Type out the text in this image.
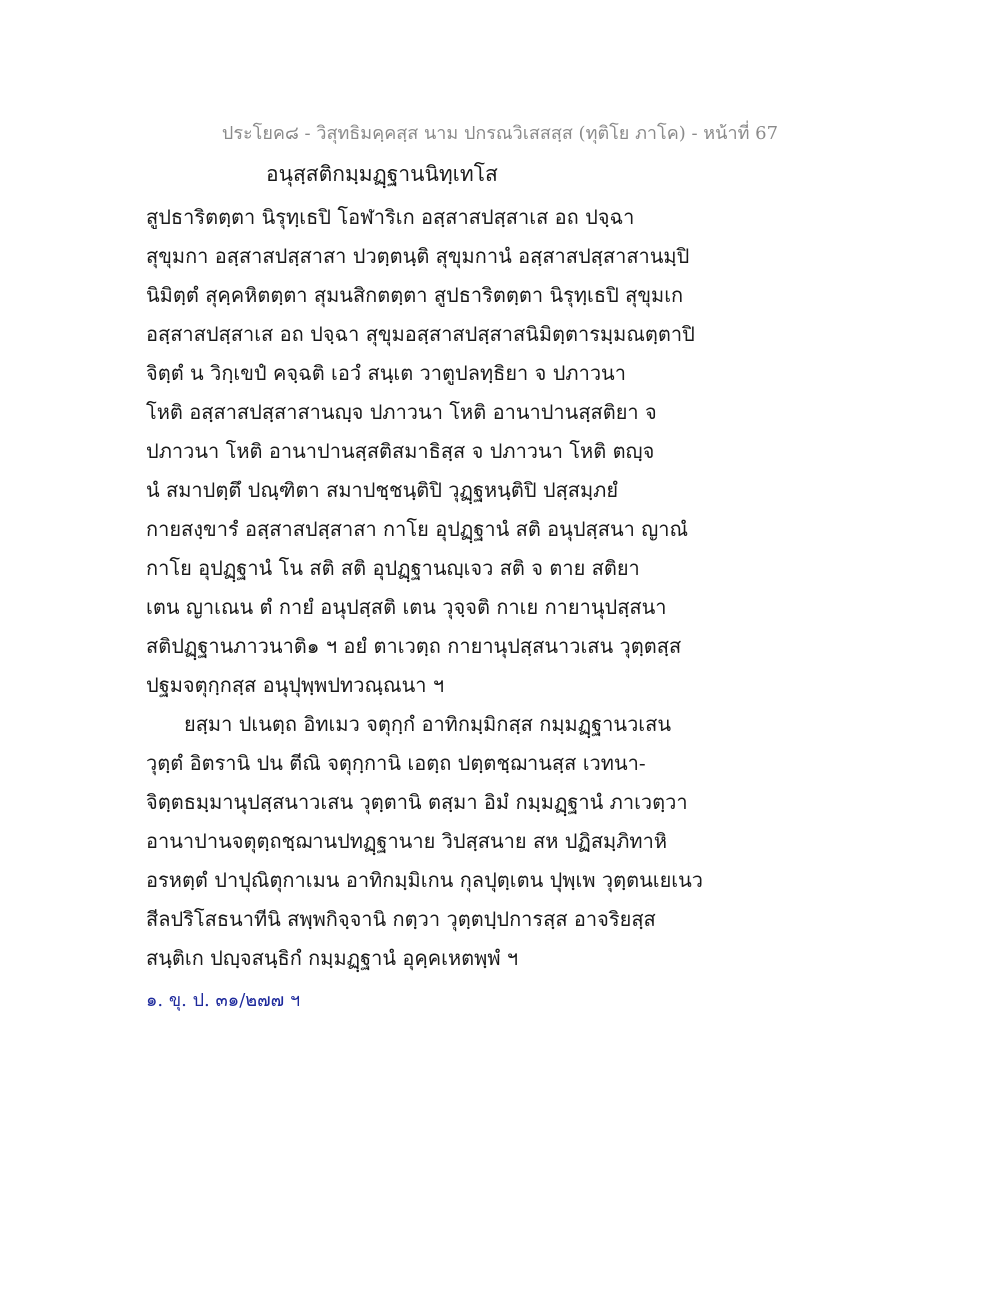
ประโยค๘ - วิสุทธิมคฺคสฺส นาม ปกรณวิเสสสฺส (ทุติโย ภาโค) - หน้าที่ 67
อนุสฺสติกมฺมฏฺฐานนิทฺเทโส
สูปธาริตตฺตา นิรุทฺเธปิ โอฬาริเก อสฺสาสปสฺสาเส อถ ปจฺฉา
สุขุมกา อสฺสาสปสฺสาสา ปวตฺตนฺติ สุขุมกานํ อสฺสาสปสฺสาสานมฺปิ
นิมิตฺตํ สุคฺคหิตตฺตา สุมนสิกตตฺตา สูปธาริตตฺตา นิรุทฺเธปิ สุขุมเก
อสฺสาสปสฺสาเส อถ ปจฺฉา สุขุมอสฺสาสปสฺสาสนิมิตฺตารมฺมณตฺตาปิ
จิตฺตํ น วิกฺเขปํ คจฺฉติ เอวํ สนฺเต วาตูปลทฺธิยา จ ปภาวนา
โหติ อสฺสาสปสฺสาสานญฺจ ปภาวนา โหติ อานาปานสฺสติยา จ
ปภาวนา โหติ อานาปานสฺสติสมาธิสฺส จ ปภาวนา โหติ ตญฺจ
นํ สมาปตฺตึ ปณฺฑิตา สมาปชฺชนฺติปิ วุฏฺฐหนฺติปิ ปสฺสมฺภยํ
กายสงฺขารํ อสฺสาสปสฺสาสา กาโย อุปฏฺฐานํ สติ อนุปสฺสนา ญาณํ
กาโย อุปฏฺฐานํ โน สติ สติ อุปฏฺฐานญฺเจว สติ จ ตาย สติยา
เตน ญาเณน ตํ กายํ อนุปสฺสติ เตน วุจฺจติ กาเย กายานุปสฺสนา
สติปฏฺฐานภาวนาติ๑ ฯ อยํ ตาเวตฺถ กายานุปสฺสนาวเสน วุตฺตสฺส
ปฐมจตุกฺกสฺส อนุปุพฺพปทวณฺณนา ฯ
ยสฺมา ปเนตฺถ อิทเมว จตุกฺกํ อาทิกมฺมิกสฺส กมฺมฏฺฐานวเสน
วุตฺตํ อิตรานิ ปน ตีณิ จตุกฺกานิ เอตฺถ ปตฺตชฺฌานสฺส เวทนา-
จิตฺตธมฺมานุปสฺสนาวเสน วุตฺตานิ ตสฺมา อิมํ กมฺมฏฺฐานํ ภาเวตฺวา
อานาปานจตุตฺถชฺฌานปทฏฺฐานาย วิปสฺสนาย สห ปฏิสมฺภิทาหิ
อรหตฺตํ ปาปุณิตุกาเมน อาทิกมฺมิเกน กุลปุตฺเตน ปุพฺเพ วุตฺตนเยเนว
สีลปริโสธนาทีนิ สพฺพกิจฺจานิ กตฺวา วุตฺตปฺปการสฺส อาจริยสฺส
สนฺติเก ปญฺจสนฺธิกํ กมฺมฏฺฐานํ อุคฺคเหตพฺพํ ฯ
๑. ขุ. ป. ๓๑/๒๗๗ ฯ
